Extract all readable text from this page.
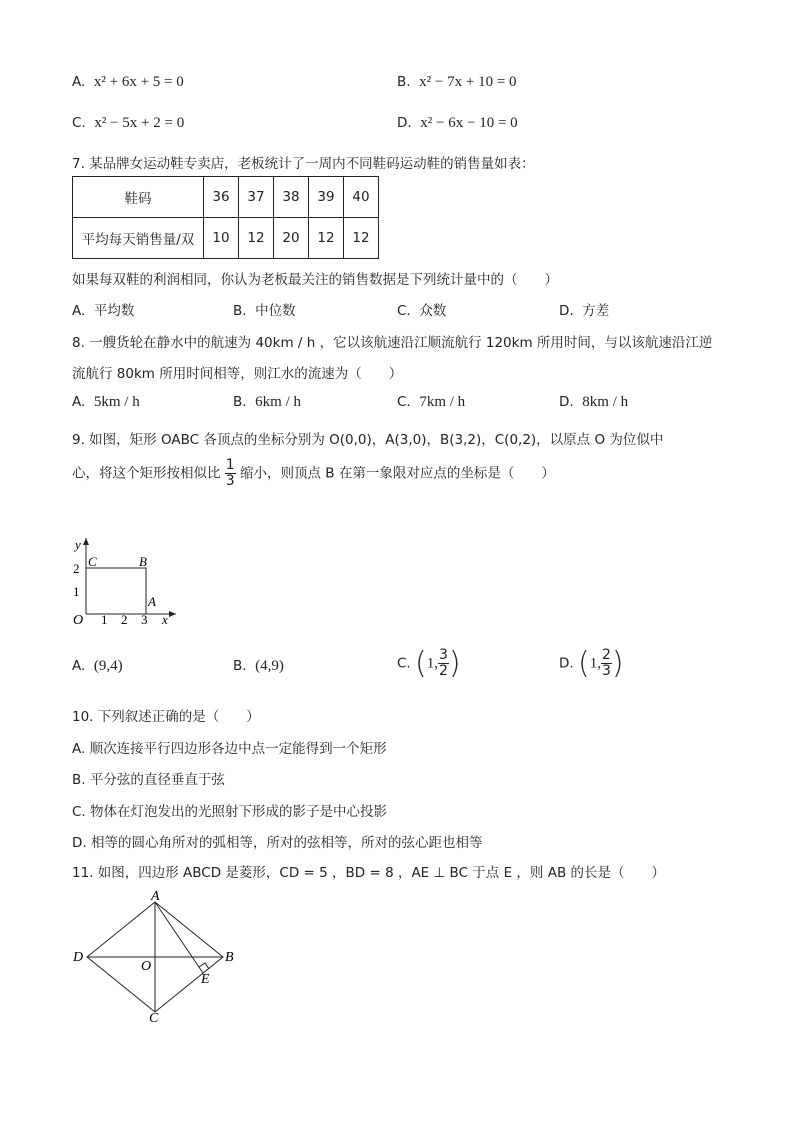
A. x² + 6x + 5 = 0	B. x² − 7x + 10 = 0
C. x² − 5x + 2 = 0	D. x² − 6x − 10 = 0
7. 某品牌女运动鞋专卖店，老板统计了一周内不同鞋码运动鞋的销售量如表：
鞋码	36	37	38	39	40
平均每天销售量/双	10	12	20	12	12
如果每双鞋的利润相同，你认为老板最关注的销售数据是下列统计量中的（　　）
A. 平均数	B. 中位数	C. 众数	D. 方差
8. 一艘货轮在静水中的航速为 40km / h ，它以该航速沿江顺流航行 120km 所用时间，与以该航速沿江逆
流航行 80km 所用时间相等，则江水的流速为（　　）
A. 5km / h	B. 6km / h	C. 7km / h	D. 8km / h
9. 如图，矩形 OABC 各顶点的坐标分别为 O(0,0)，A(3,0)，B(3,2)，C(0,2)，以原点 O 为位似中
心，将这个矩形按相似比 $\frac{1}{3}$ 缩小，则顶点 B 在第一象限对应点的坐标是（　　）
y
x
O 1 2 3
1
2 C	B
A
A. (9,4)	B. (4,9)	C. (1, $\frac{3}{2}$ )	D. (1, $\frac{2}{3}$ )
10. 下列叙述正确的是（　　）
A. 顺次连接平行四边形各边中点一定能得到一个矩形
B. 平分弦的直径垂直于弦
C. 物体在灯泡发出的光照射下形成的影子是中心投影
D. 相等的圆心角所对的弧相等，所对的弦相等，所对的弦心距也相等
11. 如图，四边形 ABCD 是菱形，CD = 5 ，BD = 8 ，AE ⊥ BC 于点 E ，则 AB 的长是（　　）
A
D	B
C
O
E
